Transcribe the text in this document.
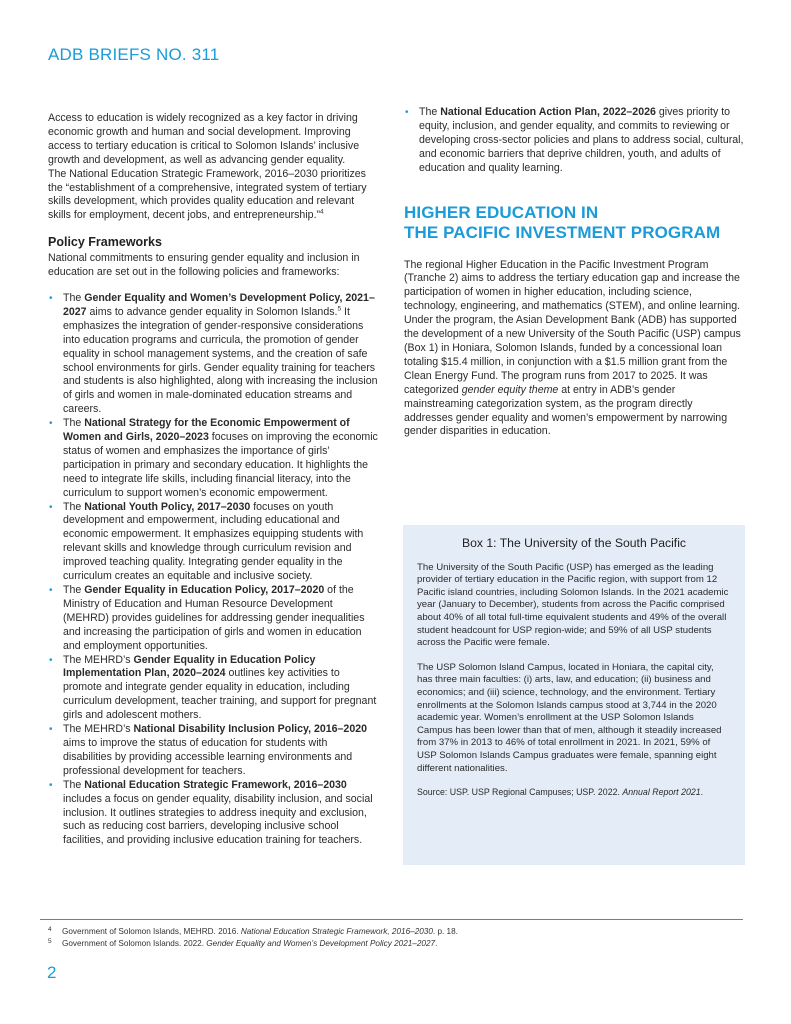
ADB BRIEFS NO. 311

Access to education is widely recognized as a key factor in driving economic growth and human and social development. Improving access to tertiary education is critical to Solomon Islands’ inclusive growth and development, as well as advancing gender equality.
The National Education Strategic Framework, 2016–2030 prioritizes the “establishment of a comprehensive, integrated system of tertiary skills development, which provides quality education and relevant skills for employment, decent jobs, and entrepreneurship.”$^4$

Policy Frameworks

National commitments to ensuring gender equality and inclusion in education are set out in the following policies and frameworks:

• The Gender Equality and Women’s Development Policy, 2021–2027 aims to advance gender equality in Solomon Islands.$^5$ It emphasizes the integration of gender-responsive considerations into education programs and curricula, the promotion of gender equality in school management systems, and the creation of safe school environments for girls. Gender equality training for teachers and students is also highlighted, along with increasing the inclusion of girls and women in male-dominated education streams and careers.
• The National Strategy for the Economic Empowerment of Women and Girls, 2020–2023 focuses on improving the economic status of women and emphasizes the importance of girls’ participation in primary and secondary education. It highlights the need to integrate life skills, including financial literacy, into the curriculum to support women’s economic empowerment.
• The National Youth Policy, 2017–2030 focuses on youth development and empowerment, including educational and economic empowerment. It emphasizes equipping students with relevant skills and knowledge through curriculum revision and improved teaching quality. Integrating gender equality in the curriculum creates an equitable and inclusive society.
• The Gender Equality in Education Policy, 2017–2020 of the Ministry of Education and Human Resource Development (MEHRD) provides guidelines for addressing gender inequalities and increasing the participation of girls and women in education and employment opportunities.
• The MEHRD’s Gender Equality in Education Policy Implementation Plan, 2020–2024 outlines key activities to promote and integrate gender equality in education, including curriculum development, teacher training, and support for pregnant girls and adolescent mothers.
• The MEHRD’s National Disability Inclusion Policy, 2016–2020 aims to improve the status of education for students with disabilities by providing accessible learning environments and professional development for teachers.
• The National Education Strategic Framework, 2016–2030 includes a focus on gender equality, disability inclusion, and social inclusion. It outlines strategies to address inequity and exclusion, such as reducing cost barriers, developing inclusive school facilities, and providing inclusive education training for teachers.
• The National Education Action Plan, 2022–2026 gives priority to equity, inclusion, and gender equality, and commits to reviewing or developing cross-sector policies and plans to address social, cultural, and economic barriers that deprive children, youth, and adults of education and quality learning.
HIGHER EDUCATION IN
THE PACIFIC INVESTMENT PROGRAM

The regional Higher Education in the Pacific Investment Program (Tranche 2) aims to address the tertiary education gap and increase the participation of women in higher education, including science, technology, engineering, and mathematics (STEM), and online learning. Under the program, the Asian Development Bank (ADB) has supported the development of a new University of the South Pacific (USP) campus (Box 1) in Honiara, Solomon Islands, funded by a concessional loan totaling $15.4 million, in conjunction with a $1.5 million grant from the Clean Energy Fund. The program runs from 2017 to 2025. It was categorized gender equity theme at entry in ADB’s gender mainstreaming categorization system, as the program directly addresses gender equality and women’s empowerment by narrowing gender disparities in education.

Box 1: The University of the South Pacific

The University of the South Pacific (USP) has emerged as the leading provider of tertiary education in the Pacific region, with support from 12 Pacific island countries, including Solomon Islands. In the 2021 academic year (January to December), students from across the Pacific comprised about 40% of all total full-time equivalent students and 49% of the overall student headcount for USP region-wide; and 59% of all USP students across the Pacific were female.

The USP Solomon Island Campus, located in Honiara, the capital city, has three main faculties: (i) arts, law, and education; (ii) business and economics; and (iii) science, technology, and the environment. Tertiary enrollments at the Solomon Islands campus stood at 3,744 in the 2020 academic year. Women’s enrollment at the USP Solomon Islands Campus has been lower than that of men, although it steadily increased from 37% in 2013 to 46% of total enrollment in 2021. In 2021, 59% of USP Solomon Islands Campus graduates were female, spanning eight different nationalities.

Source: USP. USP Regional Campuses; USP. 2022. Annual Report 2021.

4 Government of Solomon Islands, MEHRD. 2016. National Education Strategic Framework, 2016–2030. p. 18.
5 Government of Solomon Islands. 2022. Gender Equality and Women’s Development Policy 2021–2027.
2
